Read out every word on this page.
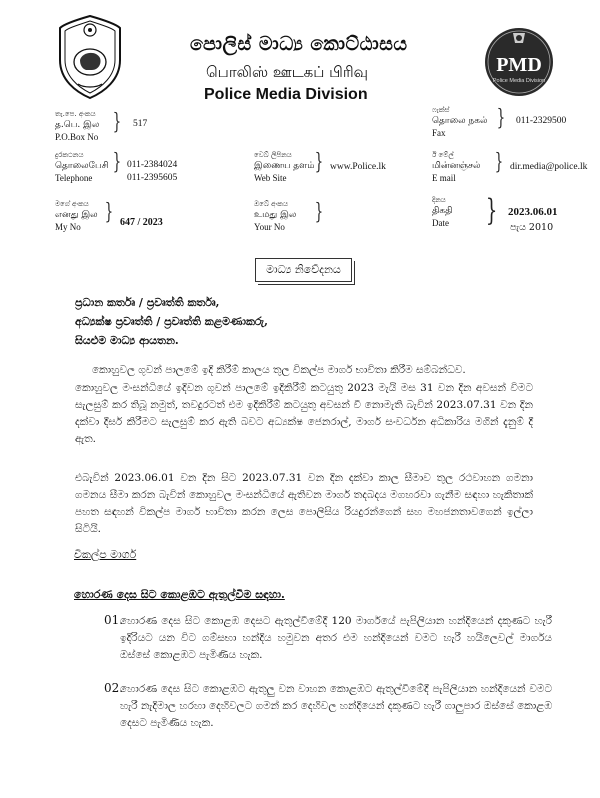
පොලිස් මාධ්‍ය කොට්ඨාසය
பொலிஸ் ஊடகப் பிரிவு
Police Media Division
PMD
Police Media Division
තැ.පෙ. අංකය
த.பெ. இல
P.O.Box No
} 517
ෆැක්ස්
தொலை நகல்
Fax
} 011-2329500
දුරකථනය
தொலைபேசி
Telephone
} 011-2384024
011-2395605
වෙබ් ලිපිනය
இணைய தளம்
Web Site
} www.Police.lk
ඊ මේල්
மின்னஞ்சல்
E mail
} dir.media@police.lk
මගේ අංකය
எனது இல
My No
} 647 / 2023
ඔබේ අංකය
உமது இல
Your No
}	දිනය
திகதி
Date } 2023.06.01
පැය 2010
මාධ්‍ය නිවේදනය
ප්‍රධාන කර්තෘ / ප්‍රවෘත්ති කර්තෘ,
අධ්‍යක්ෂ ප්‍රවෘත්ති / ප්‍රවෘත්ති කළමණාකරු,
සියළුම මාධ්‍ය ආයතන.
කොහුවල ගුවන් පාලමේ ඉදි කිරීම් කාලය තුල විකල්ප මාර්ග භාවිතා කිරීම සම්බන්ධව.

කොහුවල මංසන්ධියේ ඉදිවන ගුවන් පාලමේ ඉදිකිරීම් කටයුතු 2023 මැයි මස 31 වන දින අවසන් විමට සැලසුම් කර තිබූ නමුත්, තවදුරටත් එම ඉදිකිරීම් කටයුතු අවසන් වී නොමැති බැවින් 2023.07.31 වන දින දක්වා දීර්ඝ කිරීමට සැලසුම් කර ඇති බවට අධ්‍යක්ෂ ජෙනරාල්, මාර්ග සංවර්ධන අධිකාරිය මගින් දැනුම් දී ඇත.

එබැවින් 2023.06.01 වන දින සිට 2023.07.31 වන දින දක්වා කාල සීමාව තුල රථවාහන ගමනා ගමනය සීමා කරන බැවින් කොහුවල මංසන්ධියේ ඇතිවන මාර්ග තදබදය මගහරවා ගැනීම සඳහා හැකිතාක් පහත සඳහන් විකල්ප මාර්ග භාවිතා කරන ලෙස පොලිසිය රියදුරන්ගෙන් සහ මහජනතාවගෙන් ඉල්ලා සිටියි.

විකල්ප මාර්ග
හොරණ දෙස සිට කොළඹට ඇතුල්වීම සඳහා.
01.
හොරණ දෙස සිට කොළඹ දෙසට ඇතුල්වීමේදී 120 මාර්ගයේ පැපිලියාන හන්දියෙන් දකුණට හැරී ඉදිරියට යන විට ගම්සභා හන්දිය හමුවන අතර එම හන්දියෙන් වමට හැරී හයිලෙවල් මාර්ගය ඔස්සේ කොළඹට පැමිණිය හැක.
02.
හොරණ දෙස සිට කොළඹට ඇතුලු වන වාහන කොළඹට ඇතුල්වීමේදී පැපිලියාන හන්දියෙන් වමට හැරී නැදිමාල හරහා දෙහිවලට ගමන් කර දෙහිවල හන්දියෙන් දකුණට හැරී ගාලුපාර ඔස්සේ කොළඹ දෙසට පැමිණිය හැක.
